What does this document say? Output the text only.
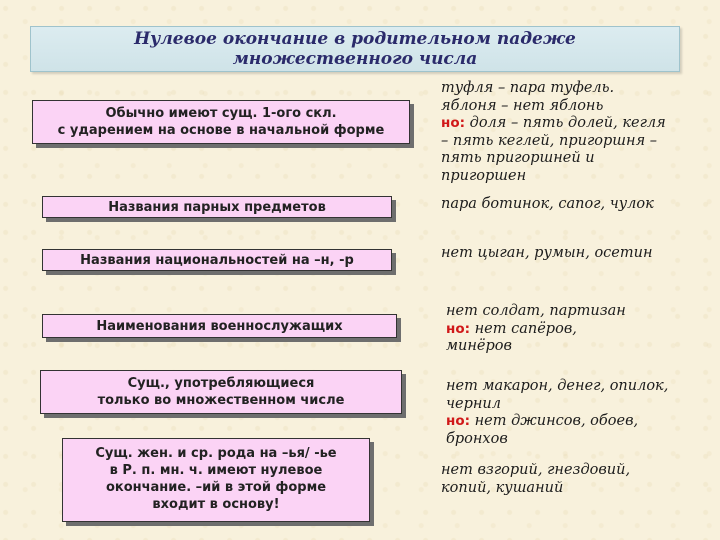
Нулевое окончание в родительном падеже
множественного числа
Обычно имеют сущ. 1-ого скл.
с ударением на основе в начальной форме
туфля – пара туфель.
яблоня – нет яблонь
но: доля – пять долей, кегля
– пять кеглей, пригоршня –
пять пригоршней и
пригоршен
Названия парных предметов	пара ботинок, сапог, чулок
Названия национальностей на –н, -р	нет цыган, румын, осетин
Наименования военнослужащих
нет солдат, партизан
но: нет сапёров,
минёров
Сущ., употребляющиеся
только во множественном числе
нет макарон, денег, опилок,
чернил
но: нет джинсов, обоев,
бронхов
Сущ. жен. и ср. рода на –ья/ -ье
в Р. п. мн. ч. имеют нулевое
окончание. –ий в этой форме
входит в основу!
нет взгорий, гнездовий,
копий, кушаний
